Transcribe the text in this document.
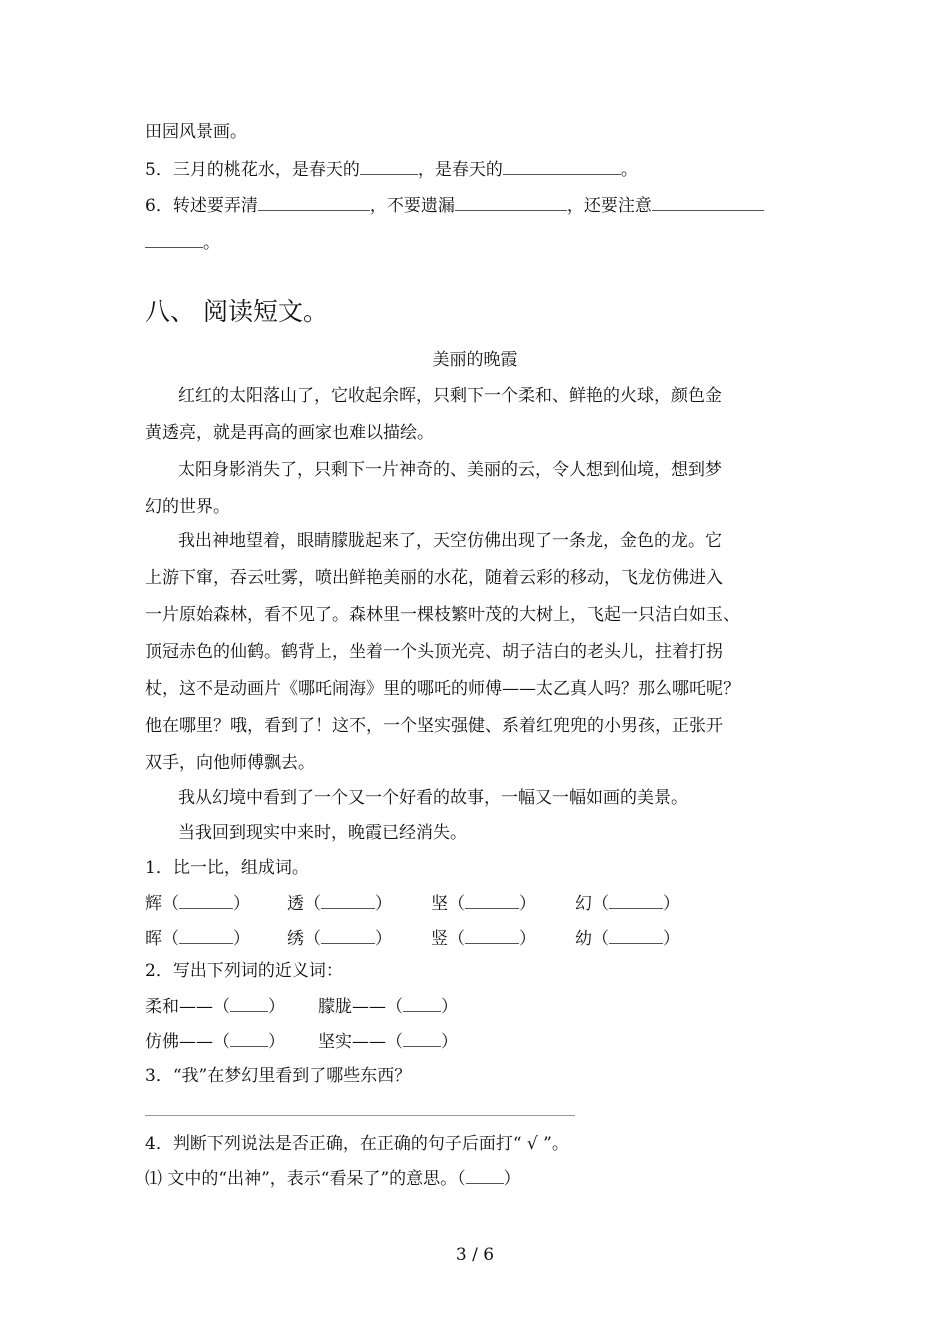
田园风景画。
5．三月的桃花水，是春天的	，是春天的	。
6．转述要弄清	，不要遗漏	，还要注意
。
八、 阅读短文。
美丽的晚霞
红红的太阳落山了，它收起余晖，只剩下一个柔和、鲜艳的火球，颜色金
黄透亮，就是再高的画家也难以描绘。
太阳身影消失了，只剩下一片神奇的、美丽的云，令人想到仙境，想到梦
幻的世界。
我出神地望着，眼睛朦胧起来了，天空仿佛出现了一条龙，金色的龙。它
上游下窜，吞云吐雾，喷出鲜艳美丽的水花，随着云彩的移动，飞龙仿佛进入
一片原始森林，看不见了。森林里一棵枝繁叶茂的大树上，飞起一只洁白如玉、
顶冠赤色的仙鹤。鹤背上，坐着一个头顶光亮、胡子洁白的老头儿，拄着打拐
杖，这不是动画片《哪吒闹海》里的哪吒的师傅——太乙真人吗？那么哪吒呢？
他在哪里？哦，看到了！这不，一个坚实强健、系着红兜兜的小男孩，正张开
双手，向他师傅飘去。
我从幻境中看到了一个又一个好看的故事，一幅又一幅如画的美景。
当我回到现实中来时，晚霞已经消失。
1．比一比，组成词。
辉（	） 透（	） 坚（	） 幻（	）
晖（	） 绣（	） 竖（	） 幼（	）
2．写出下列词的近义词：
柔和——（ ） 朦胧——（ ）
仿佛——（ ） 坚实——（ ）
3．“我”在梦幻里看到了哪些东西？
4．判断下列说法是否正确，在正确的句子后面打“ √ ”。
⑴ 文中的“出神”，表示“看呆了”的意思。（ ）
3 / 6
